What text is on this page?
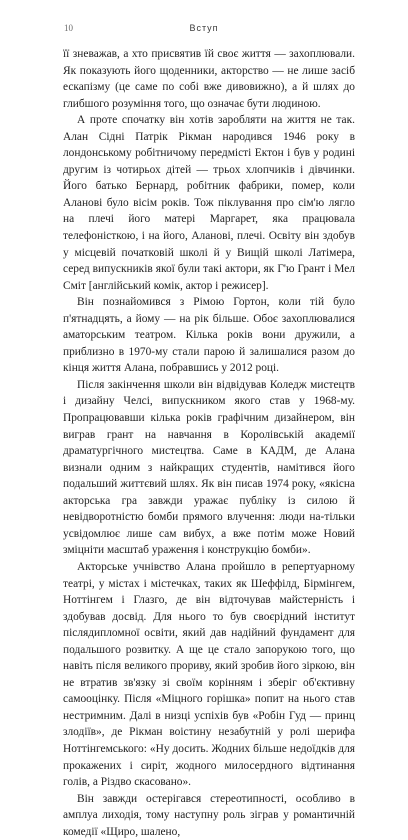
10	Вступ

її зневажав, а хто присвятив їй своє життя — захоплювали. Як показують його щоденники, акторство — не лише засіб ескапізму (це саме по собі вже дивовижно), а й шлях до глибшого розуміння того, що означає бути людиною.

А проте спочатку він хотів заробляти на життя не так. Алан Сідні Патрік Рікман народився 1946 року в лондонському робітничому передмісті Ектон і був у родині другим із чотирьох дітей — трьох хлопчиків і дівчинки. Його батько Бернард, робітник фабрики, помер, коли Аланові було вісім років. Тож піклування про сім'ю лягло на плечі його матері Маргарет, яка працювала телефоністкою, і на його, Аланові, плечі. Освіту він здобув у місцевій початковій школі й у Вищій школі Латімера, серед випускників якої були такі актори, як Г'ю Грант і Мел Сміт [англійський комік, актор і режисер].

Він познайомився з Рімою Гортон, коли тій було п'ятнадцять, а йому — на рік більше. Обоє захоплювалися аматорським театром. Кілька років вони дружили, а приблизно в 1970-му стали парою й залишалися разом до кінця життя Алана, побравшись у 2012 році.

Після закінчення школи він відвідував Коледж мистецтв і дизайну Челсі, випускником якого став у 1968-му. Пропрацювавши кілька років графічним дизайнером, він виграв грант на навчання в Королівській академії драматургічного мистецтва. Саме в КАДМ, де Алана визнали одним з найкращих студентів, намітився його подальший життєвий шлях. Як він писав 1974 року, «якісна акторська гра завжди уражає публіку із силою й невідворотністю бомби прямого влучення: люди на-тільки усвідомлює лише сам вибух, а вже потім може Новий зміцніти масштаб ураження і конструкцію бомби».

Акторське учнівство Алана пройшло в репертуарному театрі, у містах і містечках, таких як Шеффілд, Бірмінгем, Ноттінгем і Глазго, де він відточував майстерність і здобував досвід. Для нього то був своєрідний інститут післядипломної освіти, який дав надійний фундамент для подальшого розвитку. А ще це стало запорукою того, що навіть після великого прориву, який зробив його зіркою, він не втратив зв'язку зі своїм корінням і зберіг об'єктивну самооцінку. Після «Міцного горішка» попит на нього став нестримним. Далі в низці успіхів був «Робін Гуд — принц злодіїв», де Рікман воістину незабутній у ролі шерифа Ноттінгемського: «Ну досить. Жодних більше недоїдків для прокажених і сиріт, жодного милосердного відтинання голів, а Різдво скасовано».

Він завжди остерігався стереотипності, особливо в амплуа лиходія, тому наступну роль зіграв у романтичній комедії «Щиро, шалено,
